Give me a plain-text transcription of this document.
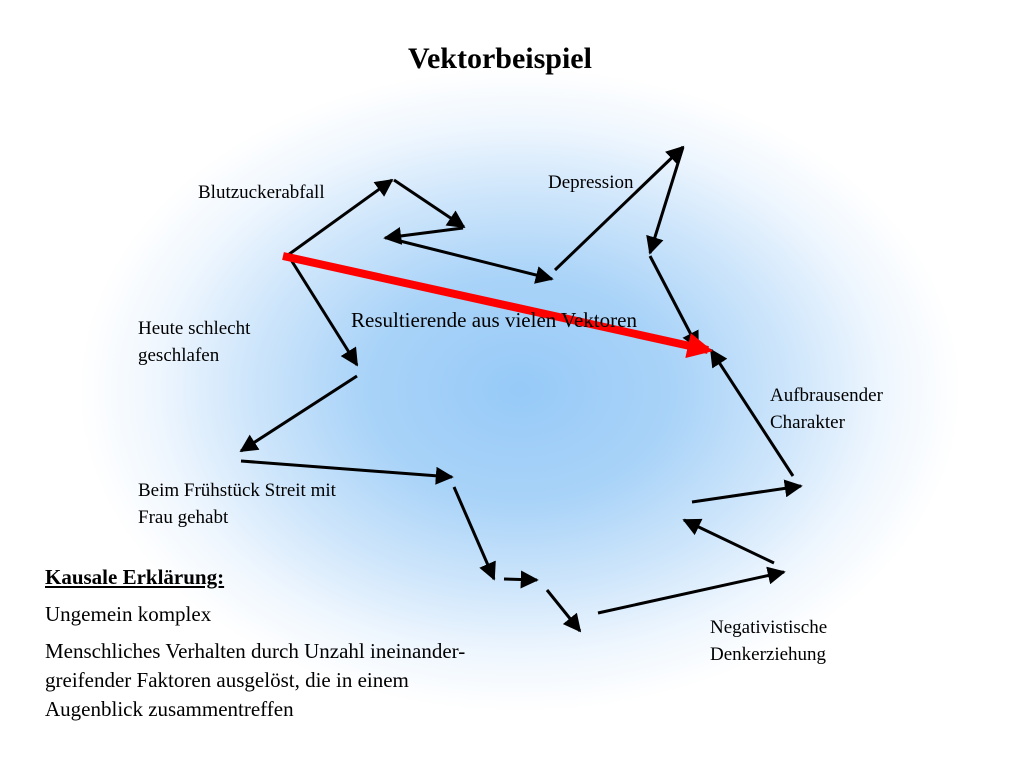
Vektorbeispiel
Blutzuckerabfall	Depression
Heute schlecht
geschlafen
Beim Frühstück Streit mit
Frau gehabt
Aufbrausender
Charakter
Negativistische
Denkerziehung
Resultierende aus vielen Vektoren
Kausale Erklärung:
Ungemein komplex
Menschliches Verhalten durch Unzahl ineinander-
greifender Faktoren ausgelöst, die in einem
Augenblick zusammentreffen
